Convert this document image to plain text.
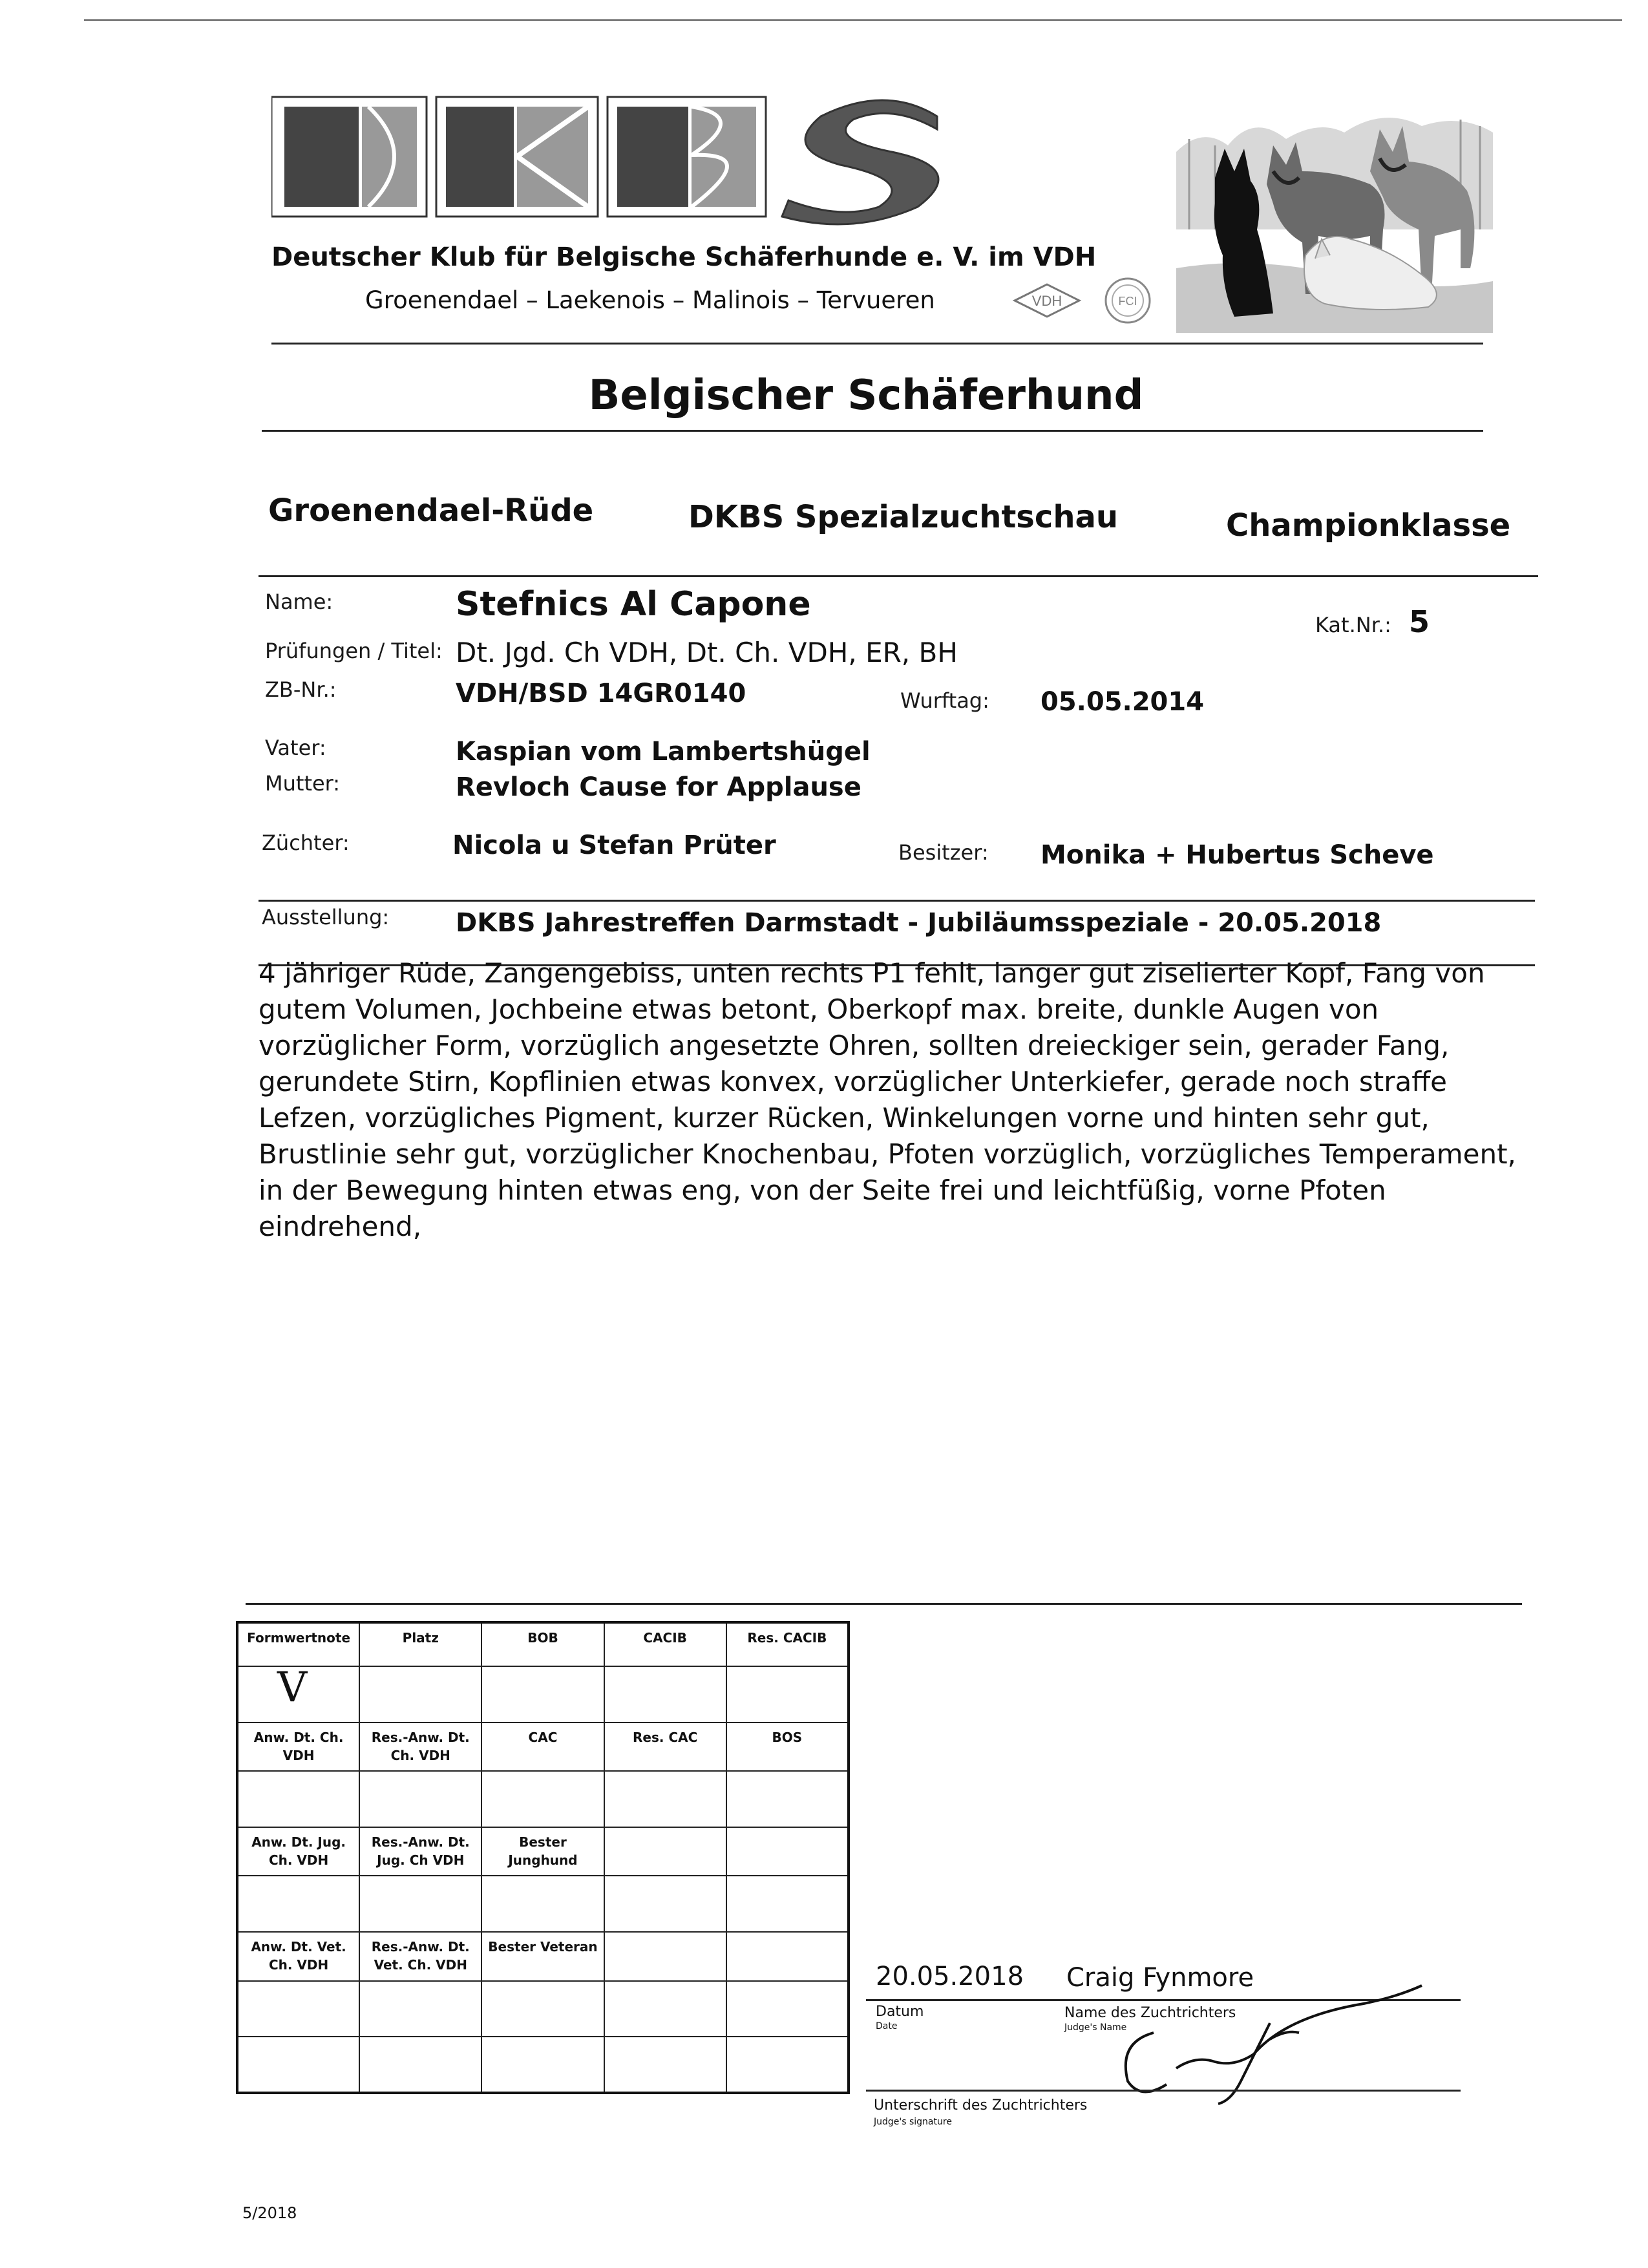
Deutscher Klub für Belgische Schäferhunde e. V. im VDH
Groenendael – Laekenois – Malinois – Tervueren	VDH	FCI
Belgischer Schäferhund
Groenendael-Rüde	DKBS Spezialzuchtschau	Championklasse
Name:	Stefnics Al Capone
Kat.Nr.: 5
Prüfungen / Titel: Dt. Jgd. Ch VDH, Dt. Ch. VDH, ER, BH
ZB-Nr.:	VDH/BSD 14GR0140	Wurftag: 05.05.2014
Vater:	Kaspian vom Lambertshügel
Mutter:	Revloch Cause for Applause
Züchter:	Nicola u Stefan Prüter	Besitzer: Monika + Hubertus Scheve
Ausstellung:	DKBS Jahrestreffen Darmstadt - Jubiläumsspeziale - 20.05.2018
4 jähriger Rüde, Zangengebiss, unten rechts P1 fehlt, langer gut ziselierter Kopf, Fang von gutem Volumen, Jochbeine etwas betont, Oberkopf max. breite, dunkle Augen von vorzüglicher Form, vorzüglich angesetzte Ohren, sollten dreieckiger sein, gerader Fang, gerundete Stirn, Kopflinien etwas konvex, vorzüglicher Unterkiefer, gerade noch straffe Lefzen, vorzügliches Pigment, kurzer Rücken, Winkelungen vorne und hinten sehr gut, Brustlinie sehr gut, vorzüglicher Knochenbau, Pfoten vorzüglich, vorzügliches Temperament, in der Bewegung hinten etwas eng, von der Seite frei und leichtfüßig, vorne Pfoten eindrehend,
Formwertnote	Platz	BOB	CACIB	Res. CACIB
V				
Anw. Dt. Ch. VDH	Res.-Anw. Dt. Ch. VDH	CAC	Res. CAC	BOS

Anw. Dt. Jug. Ch. VDH	Res.-Anw. Dt. Jug. Ch VDH	Bester Junghund		

Anw. Dt. Vet. Ch. VDH	Res.-Anw. Dt. Vet. Ch. VDH	Bester Veteran		

20.05.2018 Craig Fynmore
Datum
Date
Name des Zuchtrichters
Judge's Name
Unterschrift des Zuchtrichters
Judge's signature
5/2018
